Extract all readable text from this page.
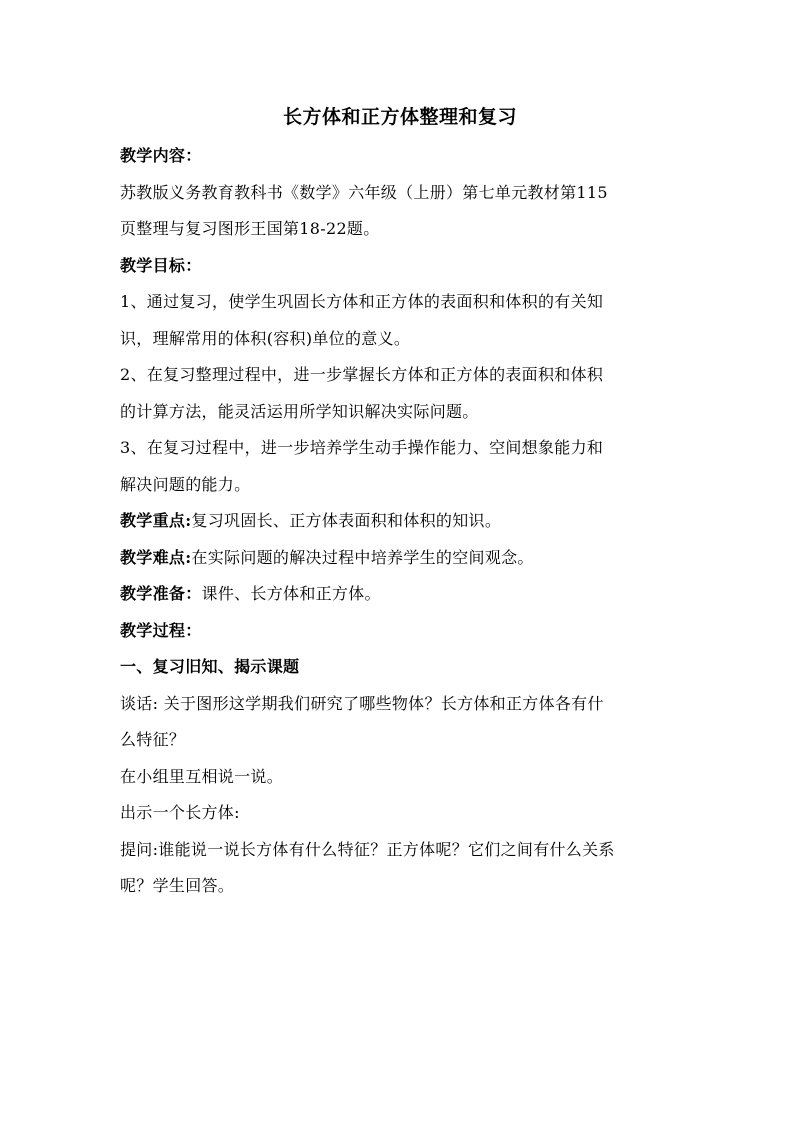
长方体和正方体整理和复习

教学内容：

苏教版义务教育教科书《数学》六年级（上册）第七单元教材第115

页整理与复习图形王国第18-22题。

教学目标：

1、通过复习，使学生巩固长方体和正方体的表面积和体积的有关知

识，理解常用的体积(容积)单位的意义。

2、在复习整理过程中，进一步掌握长方体和正方体的表面积和体积

的计算方法，能灵活运用所学知识解决实际问题。

3、在复习过程中，进一步培养学生动手操作能力、空间想象能力和

解决问题的能力。

教学重点:复习巩固长、正方体表面积和体积的知识。

教学难点:在实际问题的解决过程中培养学生的空间观念。

教学准备：课件、长方体和正方体。

教学过程：

一、复习旧知、揭示课题

谈话: 关于图形这学期我们研究了哪些物体？长方体和正方体各有什

么特征？

在小组里互相说一说。

出示一个长方体:

提问:谁能说一说长方体有什么特征？正方体呢？它们之间有什么关系

呢？学生回答。
